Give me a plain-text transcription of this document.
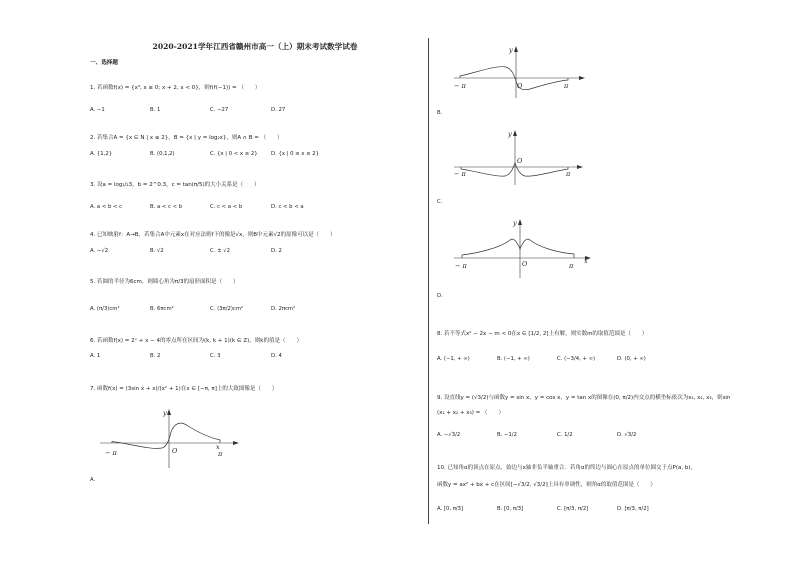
2020-2021学年江西省赣州市高一（上）期末考试数学试卷
一、选择题
1. 若函数f(x) = {x³, x ≥ 0; x + 2, x < 0}，则f(f(−1)) = （　　）
A. −1	B. 1	C. −27	D. 27
2. 若集合A = {x ∈ N | x ≤ 2}，B = {x | y = log₂x}，则A ∩ B = （　　）
A. {1,2}	B. (0,1,2)	C. {x | 0 < x ≤ 2}	D. {x | 0 ≤ x ≤ 2}
3. 设a = log₁/₂3，b = 2^0.3，c = tan(π/5)的大小关系是（　　）
A. a < b < c	B. a < c < b	C. c < a < b	D. c < b < a
4. 已知映射f：A→B，若集合A中元素x在对应法则f下的像是√x，则B中元素√2的原像可以是（　　）
A. −√2	B. √2	C. ± √2	D. 2
5. 若圆的半径为6cm，则圆心角为π/3的扇形面积是（　　）
A. (π/3)cm²	B. 6πcm²	C. (3π/2)cm²	D. 2πcm²
6. 若函数f(x) = 2ˣ + x − 4的零点所在区间为(k, k + 1)(k ∈ Z)，则k的值是（　　）
A. 1	B. 2	C. 3	D. 4
7. 函数f(x) = (3sin x + x)/(x² + 1)在x ∈ [−π, π]上的大致图像是（　　）
y
O
− π
x
π
A.
y
O
− π	π
B.
y
O
− π	π
C.
y
O
− π
x
π
D.
8. 若不等式x² − 2x − m < 0在x ∈ [1/2, 2]上有解，则实数m的取值范围是（　　）
A. (−1, + ∞)	B. (−1, + ∞)	C. (−3/4, + ∞)	D. (0, + ∞)
9. 设直线y = (√3/2)与函数y = sin x，y = cos x，y = tan x的图像在(0, π/2)内交点的横坐标依次为x₁, x₂, x₃，则sin
(x₁ + x₂ + x₃) = （　　）
A. −√3/2	B. −1/2	C. 1/2	D. √3/2
10. 已知角α的顶点在原点，始边与x轴非负半轴重合．若角α的终边与圆心在原点的单位圆交于点P(a, b)，
函数y = ax² + bx + c在区间[−√3/2, √3/2]上具有单调性，则角α的取值范围是（　　）
A. [0, π/3]	B. [0, π/3]	C. [π/3, π/2]	D. [π/3, π/2]
